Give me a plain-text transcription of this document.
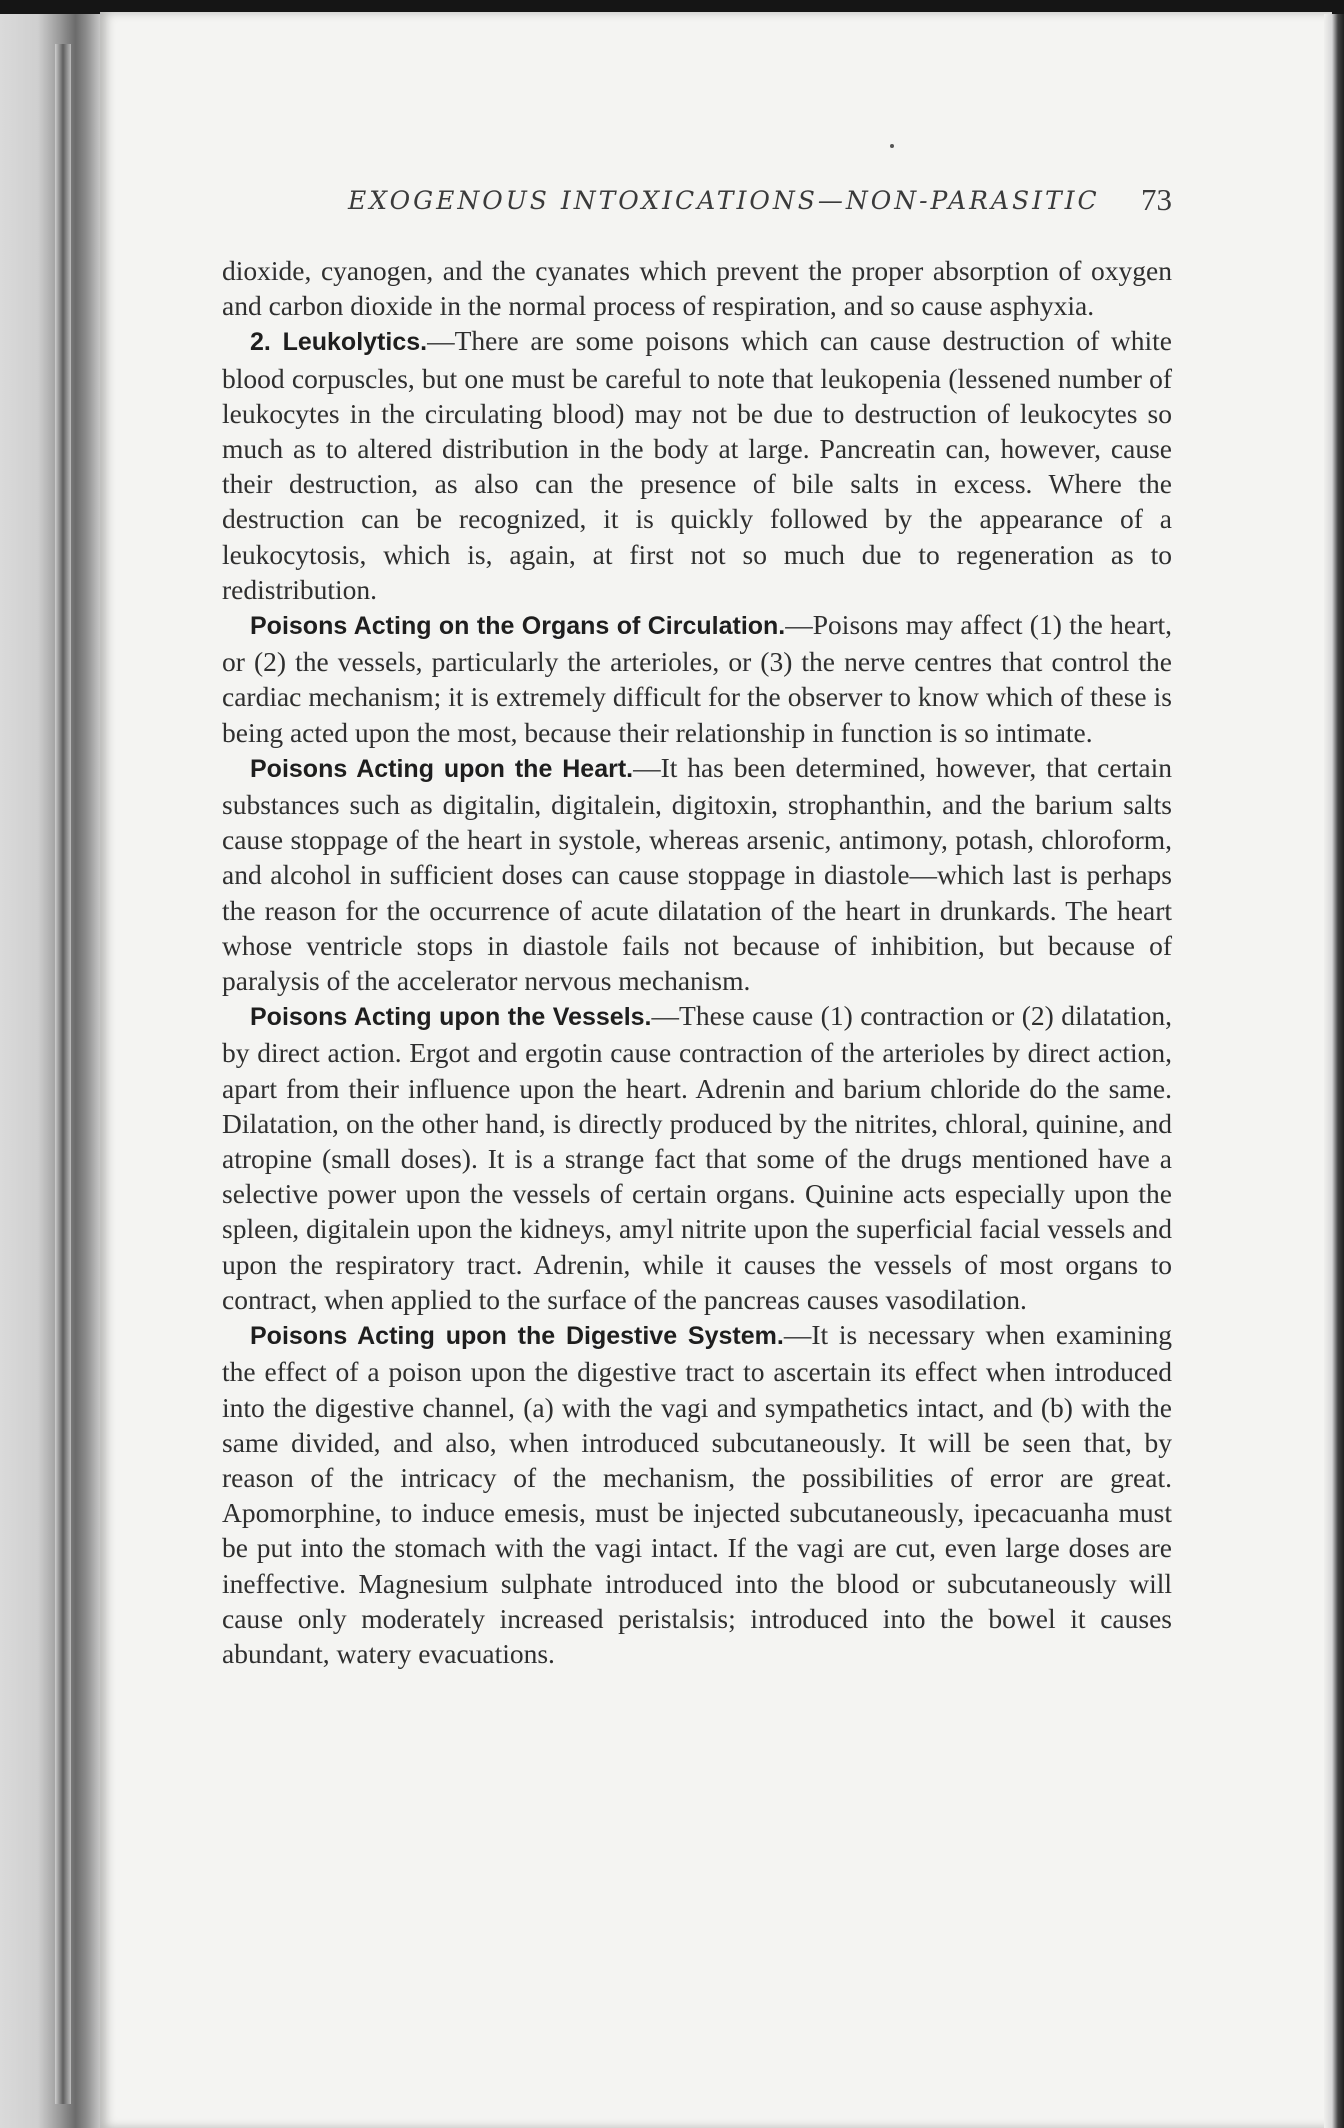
EXOGENOUS INTOXICATIONS—NON-PARASITIC 73

dioxide, cyanogen, and the cyanates which prevent the proper absorption of oxygen and carbon dioxide in the normal process of respiration, and so cause asphyxia.

2. Leukolytics.—There are some poisons which can cause destruction of white blood corpuscles, but one must be careful to note that leukopenia (lessened number of leukocytes in the circulating blood) may not be due to destruction of leukocytes so much as to altered distribution in the body at large. Pancreatin can, however, cause their destruction, as also can the presence of bile salts in excess. Where the destruction can be recognized, it is quickly followed by the appearance of a leukocytosis, which is, again, at first not so much due to regeneration as to redistribution.

Poisons Acting on the Organs of Circulation.—Poisons may affect (1) the heart, or (2) the vessels, particularly the arterioles, or (3) the nerve centres that control the cardiac mechanism; it is extremely difficult for the observer to know which of these is being acted upon the most, because their relationship in function is so intimate.

Poisons Acting upon the Heart.—It has been determined, however, that certain substances such as digitalin, digitalein, digitoxin, strophanthin, and the barium salts cause stoppage of the heart in systole, whereas arsenic, antimony, potash, chloroform, and alcohol in sufficient doses can cause stoppage in diastole—which last is perhaps the reason for the occurrence of acute dilatation of the heart in drunkards. The heart whose ventricle stops in diastole fails not because of inhibition, but because of paralysis of the accelerator nervous mechanism.

Poisons Acting upon the Vessels.—These cause (1) contraction or (2) dilatation, by direct action. Ergot and ergotin cause contraction of the arterioles by direct action, apart from their influence upon the heart. Adrenin and barium chloride do the same. Dilatation, on the other hand, is directly produced by the nitrites, chloral, quinine, and atropine (small doses). It is a strange fact that some of the drugs mentioned have a selective power upon the vessels of certain organs. Quinine acts especially upon the spleen, digitalein upon the kidneys, amyl nitrite upon the superficial facial vessels and upon the respiratory tract. Adrenin, while it causes the vessels of most organs to contract, when applied to the surface of the pancreas causes vasodilation.

Poisons Acting upon the Digestive System.—It is necessary when examining the effect of a poison upon the digestive tract to ascertain its effect when introduced into the digestive channel, (a) with the vagi and sympathetics intact, and (b) with the same divided, and also, when introduced subcutaneously. It will be seen that, by reason of the intricacy of the mechanism, the possibilities of error are great. Apomorphine, to induce emesis, must be injected subcutaneously, ipecacuanha must be put into the stomach with the vagi intact. If the vagi are cut, even large doses are ineffective. Magnesium sulphate introduced into the blood or subcutaneously will cause only moderately increased peristalsis; introduced into the bowel it causes abundant, watery evacuations.
